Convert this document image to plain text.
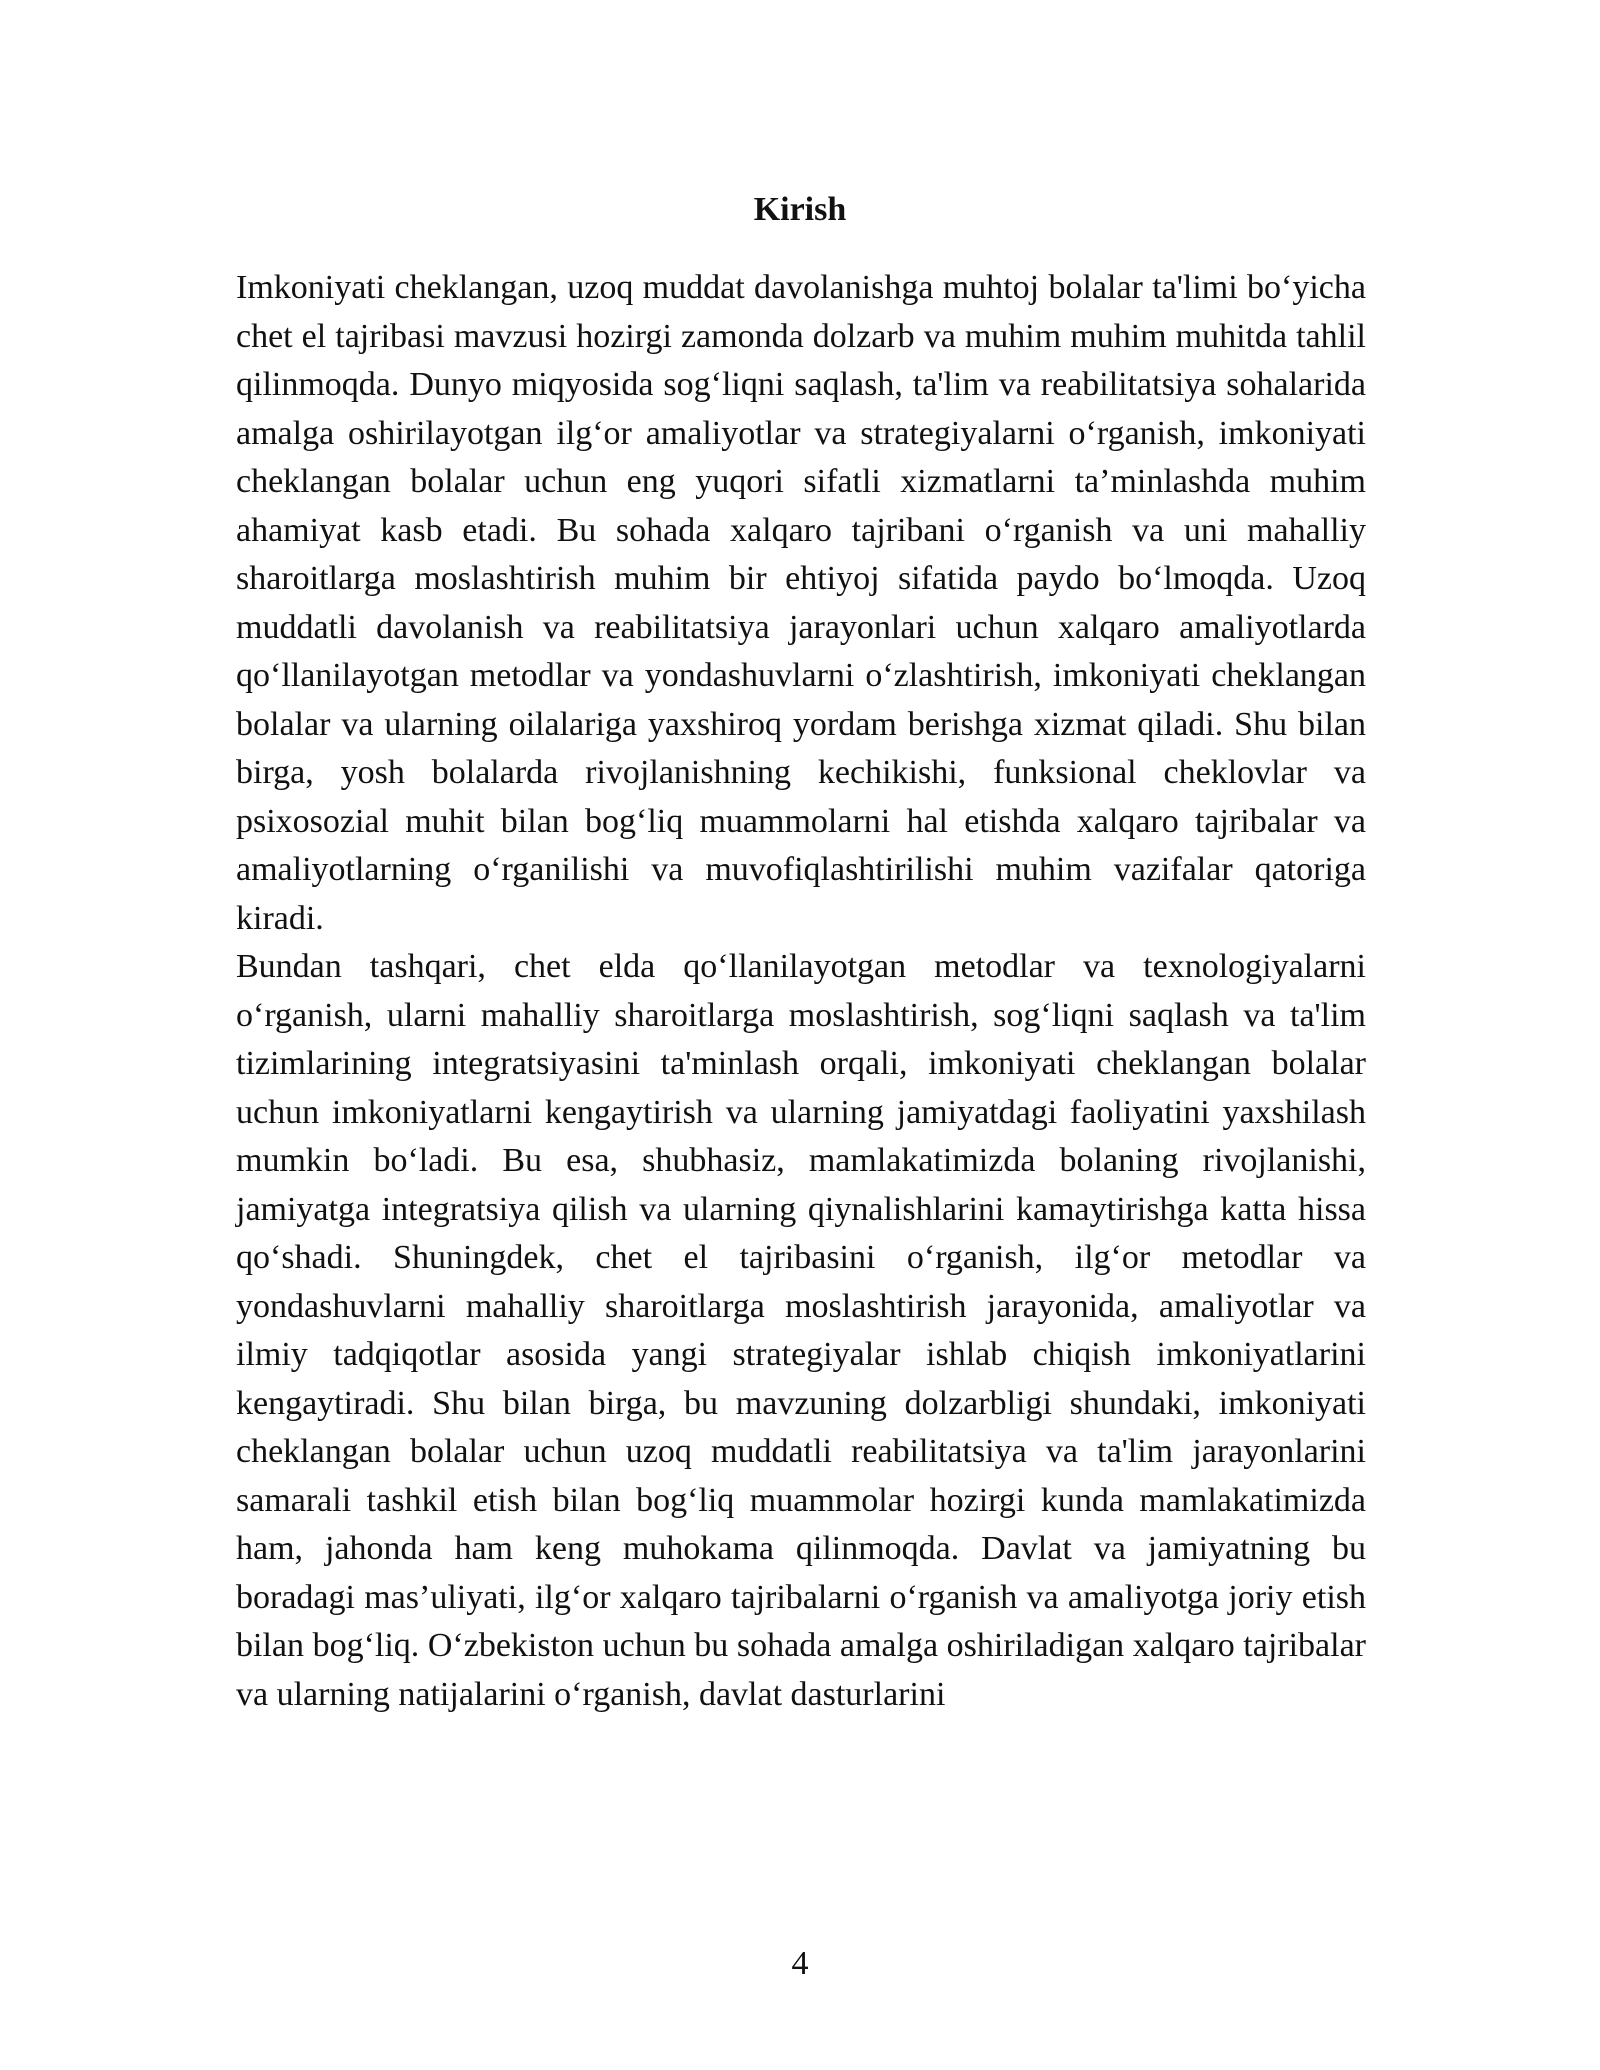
Kirish

Imkoniyati cheklangan, uzoq muddat davolanishga muhtoj bolalar ta'limi bo‘yicha chet el tajribasi mavzusi hozirgi zamonda dolzarb va muhim muhim muhitda tahlil qilinmoqda. Dunyo miqyosida sog‘liqni saqlash, ta'lim va reabilitatsiya sohalarida amalga oshirilayotgan ilg‘or amaliyotlar va strategiyalarni o‘rganish, imkoniyati cheklangan bolalar uchun eng yuqori sifatli xizmatlarni ta’minlashda muhim ahamiyat kasb etadi. Bu sohada xalqaro tajribani o‘rganish va uni mahalliy sharoitlarga moslashtirish muhim bir ehtiyoj sifatida paydo bo‘lmoqda. Uzoq muddatli davolanish va reabilitatsiya jarayonlari uchun xalqaro amaliyotlarda qo‘llanilayotgan metodlar va yondashuvlarni o‘zlashtirish, imkoniyati cheklangan bolalar va ularning oilalariga yaxshiroq yordam berishga xizmat qiladi. Shu bilan birga, yosh bolalarda rivojlanishning kechikishi, funksional cheklovlar va psixosozial muhit bilan bog‘liq muammolarni hal etishda xalqaro tajribalar va amaliyotlarning o‘rganilishi va muvofiqlashtirilishi muhim vazifalar qatoriga kiradi.

Bundan tashqari, chet elda qo‘llanilayotgan metodlar va texnologiyalarni o‘rganish, ularni mahalliy sharoitlarga moslashtirish, sog‘liqni saqlash va ta'lim tizimlarining integratsiyasini ta'minlash orqali, imkoniyati cheklangan bolalar uchun imkoniyatlarni kengaytirish va ularning jamiyatdagi faoliyatini yaxshilash mumkin bo‘ladi. Bu esa, shubhasiz, mamlakatimizda bolaning rivojlanishi, jamiyatga integratsiya qilish va ularning qiynalishlarini kamaytirishga katta hissa qo‘shadi. Shuningdek, chet el tajribasini o‘rganish, ilg‘or metodlar va yondashuvlarni mahalliy sharoitlarga moslashtirish jarayonida, amaliyotlar va ilmiy tadqiqotlar asosida yangi strategiyalar ishlab chiqish imkoniyatlarini kengaytiradi. Shu bilan birga, bu mavzuning dolzarbligi shundaki, imkoniyati cheklangan bolalar uchun uzoq muddatli reabilitatsiya va ta'lim jarayonlarini samarali tashkil etish bilan bog‘liq muammolar hozirgi kunda mamlakatimizda ham, jahonda ham keng muhokama qilinmoqda. Davlat va jamiyatning bu boradagi mas’uliyati, ilg‘or xalqaro tajribalarni o‘rganish va amaliyotga joriy etish bilan bog‘liq. O‘zbekiston uchun bu sohada amalga oshiriladigan xalqaro tajribalar va ularning natijalarini o‘rganish, davlat dasturlarini

4
